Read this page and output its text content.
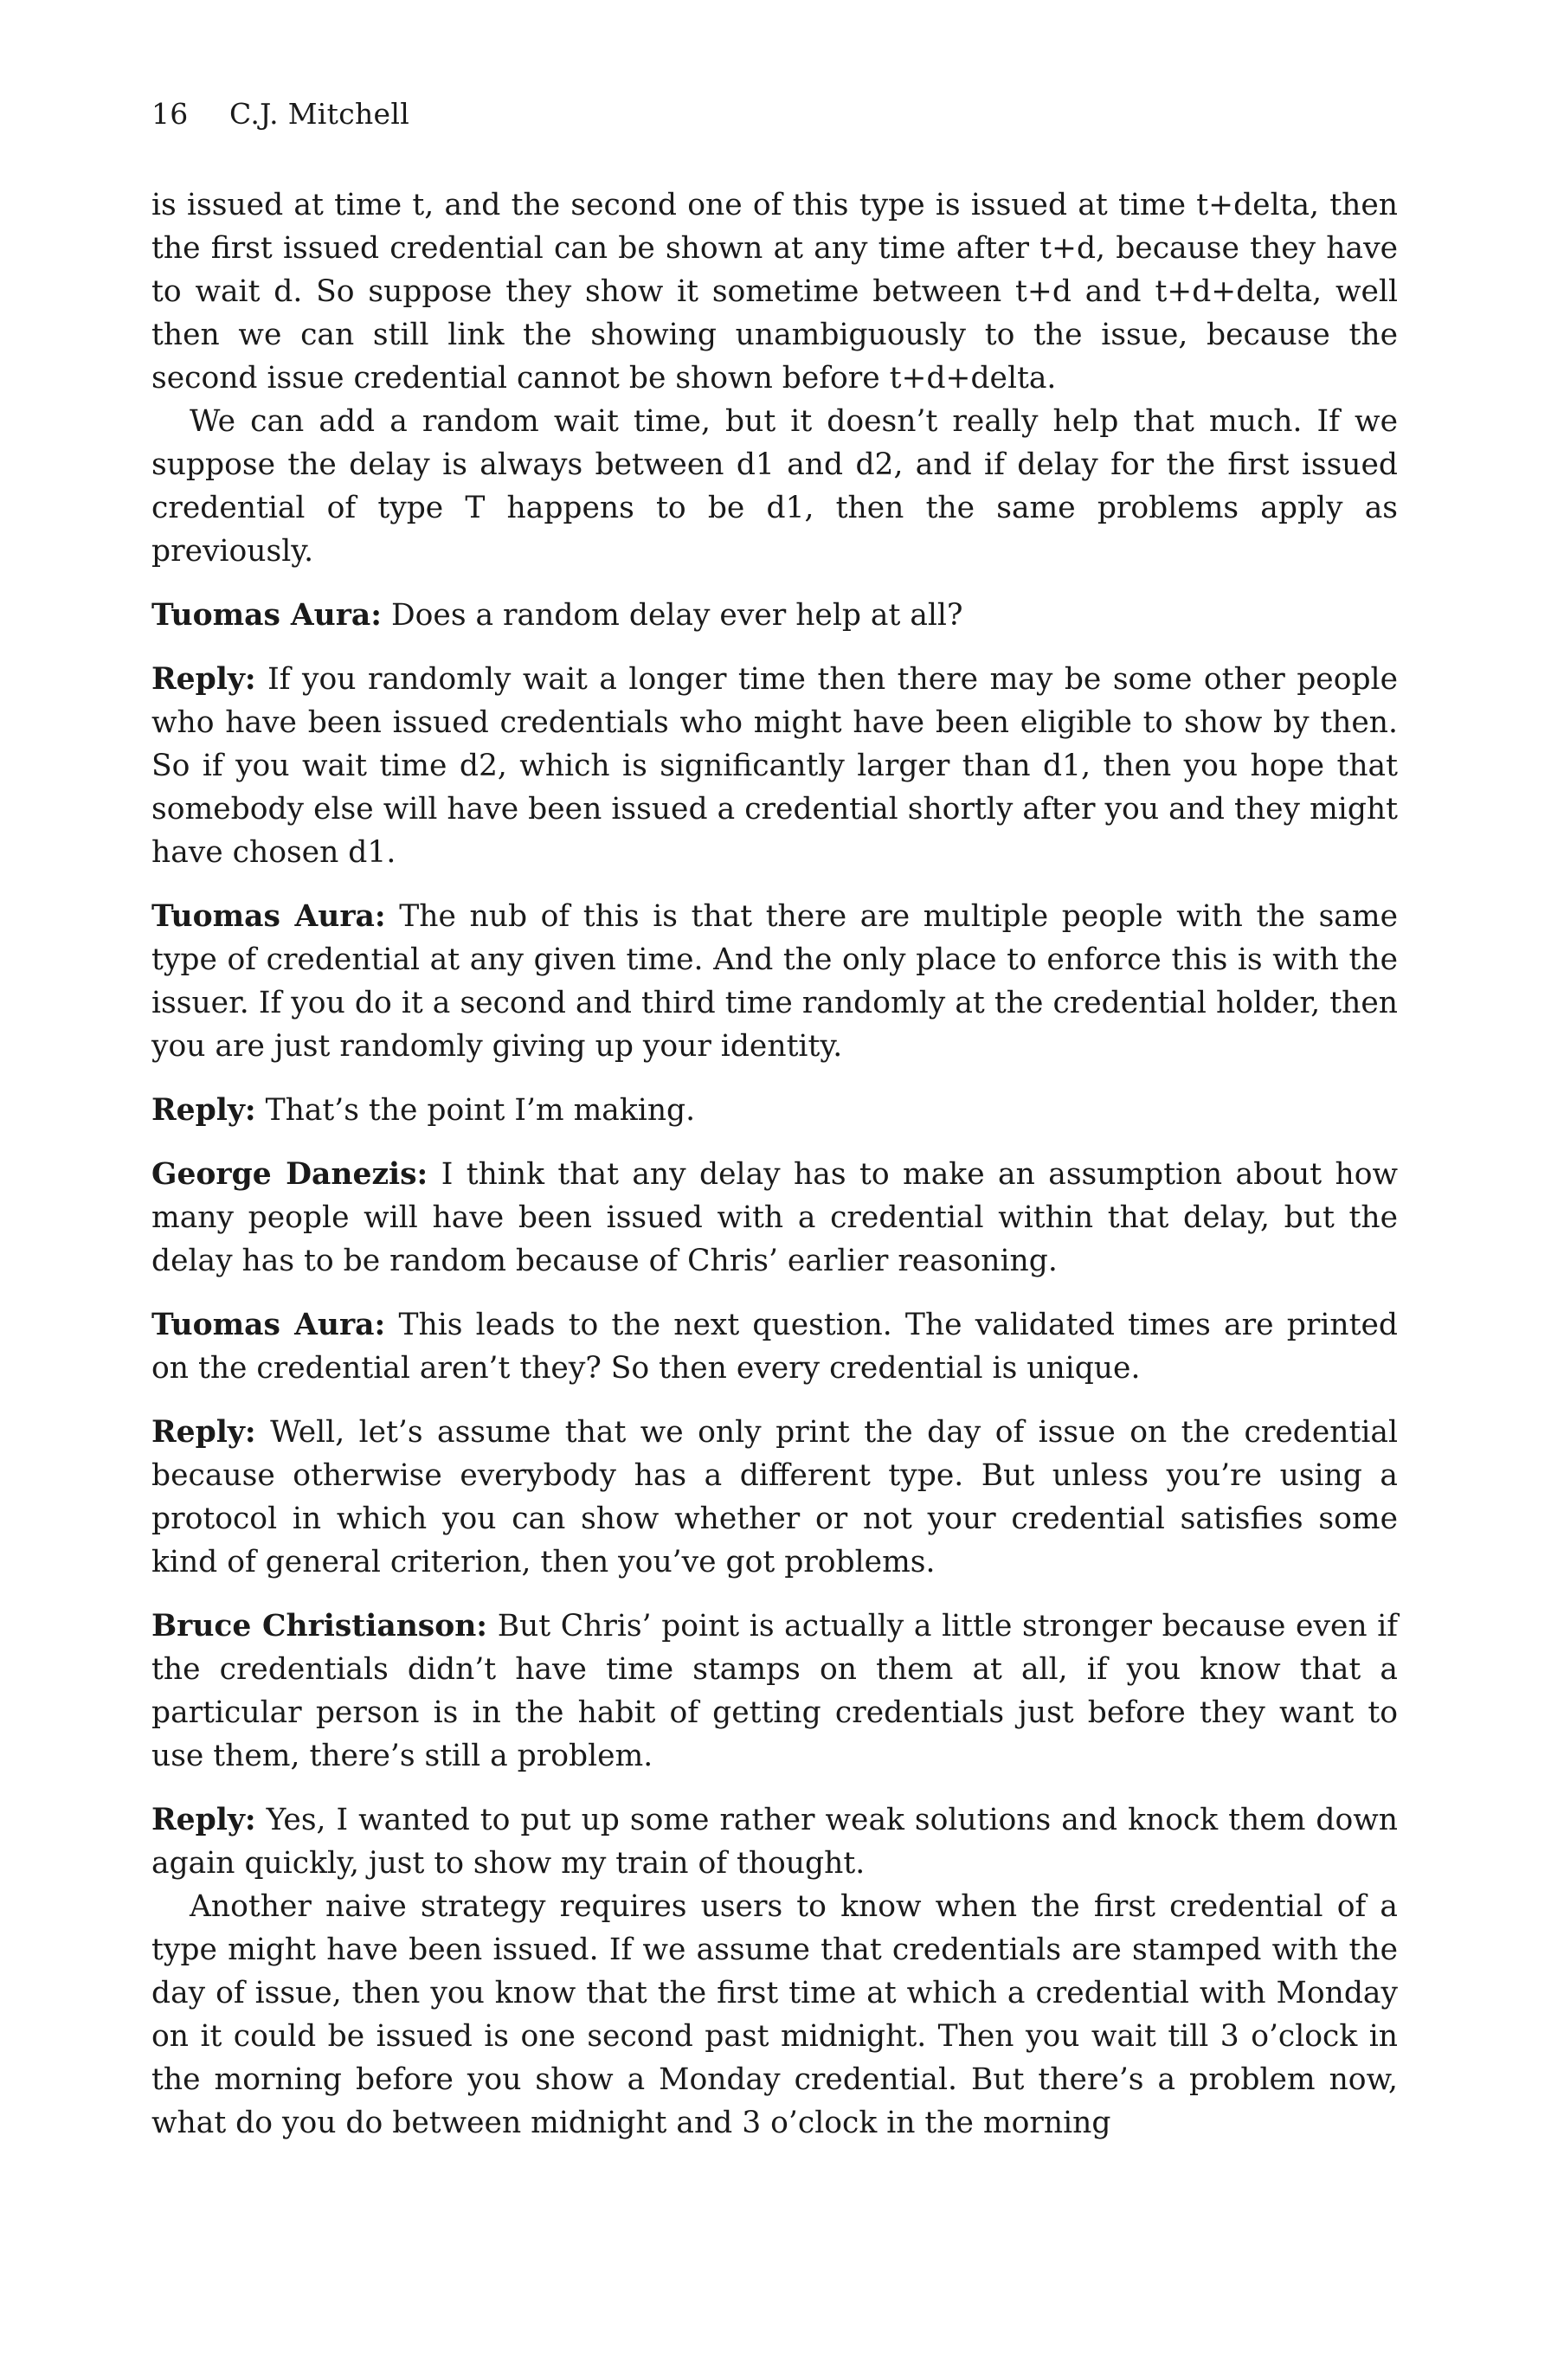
16 C.J. Mitchell

is issued at time t, and the second one of this type is issued at time t+delta, then the first issued credential can be shown at any time after t+d, because they have to wait d. So suppose they show it sometime between t+d and t+d+delta, well then we can still link the showing unambiguously to the issue, because the second issue credential cannot be shown before t+d+delta.

We can add a random wait time, but it doesn’t really help that much. If we suppose the delay is always between d1 and d2, and if delay for the first issued credential of type T happens to be d1, then the same problems apply as previously.

Tuomas Aura: Does a random delay ever help at all?

Reply: If you randomly wait a longer time then there may be some other people who have been issued credentials who might have been eligible to show by then. So if you wait time d2, which is significantly larger than d1, then you hope that somebody else will have been issued a credential shortly after you and they might have chosen d1.

Tuomas Aura: The nub of this is that there are multiple people with the same type of credential at any given time. And the only place to enforce this is with the issuer. If you do it a second and third time randomly at the credential holder, then you are just randomly giving up your identity.

Reply: That’s the point I’m making.

George Danezis: I think that any delay has to make an assumption about how many people will have been issued with a credential within that delay, but the delay has to be random because of Chris’ earlier reasoning.

Tuomas Aura: This leads to the next question. The validated times are printed on the credential aren’t they? So then every credential is unique.

Reply: Well, let’s assume that we only print the day of issue on the credential because otherwise everybody has a different type. But unless you’re using a protocol in which you can show whether or not your credential satisfies some kind of general criterion, then you’ve got problems.

Bruce Christianson: But Chris’ point is actually a little stronger because even if the credentials didn’t have time stamps on them at all, if you know that a particular person is in the habit of getting credentials just before they want to use them, there’s still a problem.

Reply: Yes, I wanted to put up some rather weak solutions and knock them down again quickly, just to show my train of thought.

Another naive strategy requires users to know when the first credential of a type might have been issued. If we assume that credentials are stamped with the day of issue, then you know that the first time at which a credential with Monday on it could be issued is one second past midnight. Then you wait till 3 o’clock in the morning before you show a Monday credential. But there’s a problem now, what do you do between midnight and 3 o’clock in the morning
